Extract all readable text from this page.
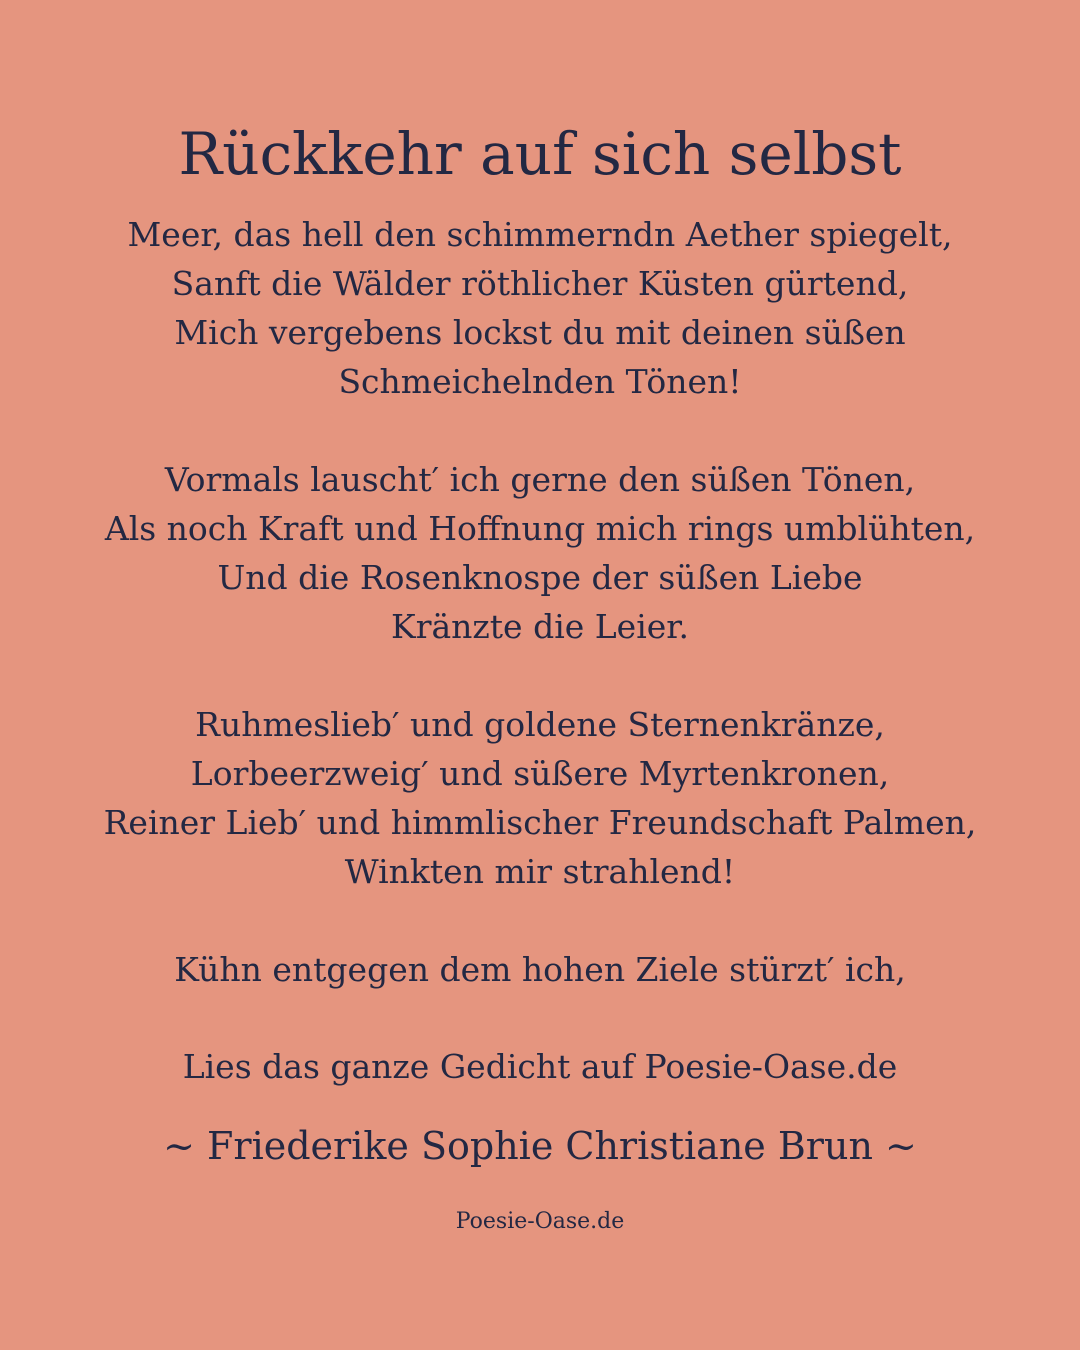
Rückkehr auf sich selbst
Meer, das hell den schimmerndn Aether spiegelt,
Sanft die Wälder röthlicher Küsten gürtend,
Mich vergebens lockst du mit deinen süßen
Schmeichelnden Tönen!
Vormals lauscht′ ich gerne den süßen Tönen,
Als noch Kraft und Hoffnung mich rings umblühten,
Und die Rosenknospe der süßen Liebe
Kränzte die Leier.
Ruhmeslieb′ und goldene Sternenkränze,
Lorbeerzweig′ und süßere Myrtenkronen,
Reiner Lieb′ und himmlischer Freundschaft Palmen,
Winkten mir strahlend!
Kühn entgegen dem hohen Ziele stürzt′ ich,
Lies das ganze Gedicht auf Poesie-Oase.de
~ Friederike Sophie Christiane Brun ~
Poesie-Oase.de
